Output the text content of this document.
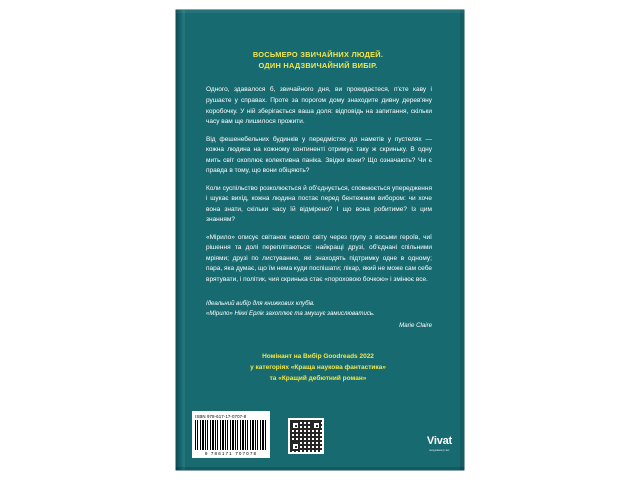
ВОСЬМЕРО ЗВИЧАЙНИХ ЛЮДЕЙ.
ОДИН НАДЗВИЧАЙНИЙ ВИБІР.

Одного, здавалося б, звичайного дня, ви прокидаєтеся, п'єте каву і рушаєте у справах. Проте за порогом дому знаходите дивну дерев'яну коробочку. У ній зберігається ваша доля: відповідь на запитання, скільки часу вам ще лишилося прожити.

Від фешенебельних будинків у передмістях до наметів у пустелях — кожна людина на кожному континенті отримує таку ж скриньку. В одну мить світ охоплює колективна паніка. Звідки вони? Що означають? Чи є правда в тому, що вони обіцяють?

Коли суспільство розколюється й об'єднується, сповнюється упередження і шукає вихід, кожна людина постає перед бентежним вибором: чи хоче вона знати, скільки часу їй відмірено? І що вона робитиме? Із цим знанням?

«Мірило» описує світанок нового світу через групу з восьми героїв, чиї рішення та долі переплітаються: найкращі друзі, об'єднані спільними мріями; друзі по листуванню, які знаходять підтримку одне в одному; пара, яка думає, що їм нема куди поспішати; лікар, який не може сам себе врятувати, і політик, чия скринька стає «пороховою бочкою» і змінює все.

Ідеальний вибір для книжкових клубів.
«Мірило» Ніккі Ерлік захоплює та змушує замислюватись.
Marie Claire
Номінант на Вибір Goodreads 2022
у категоріях «Краща наукова фантастика»
та «Кращий дебютний роман»
ISBN 978-617-17-0707-8
9 786171 707078
Vivat
видавництво
